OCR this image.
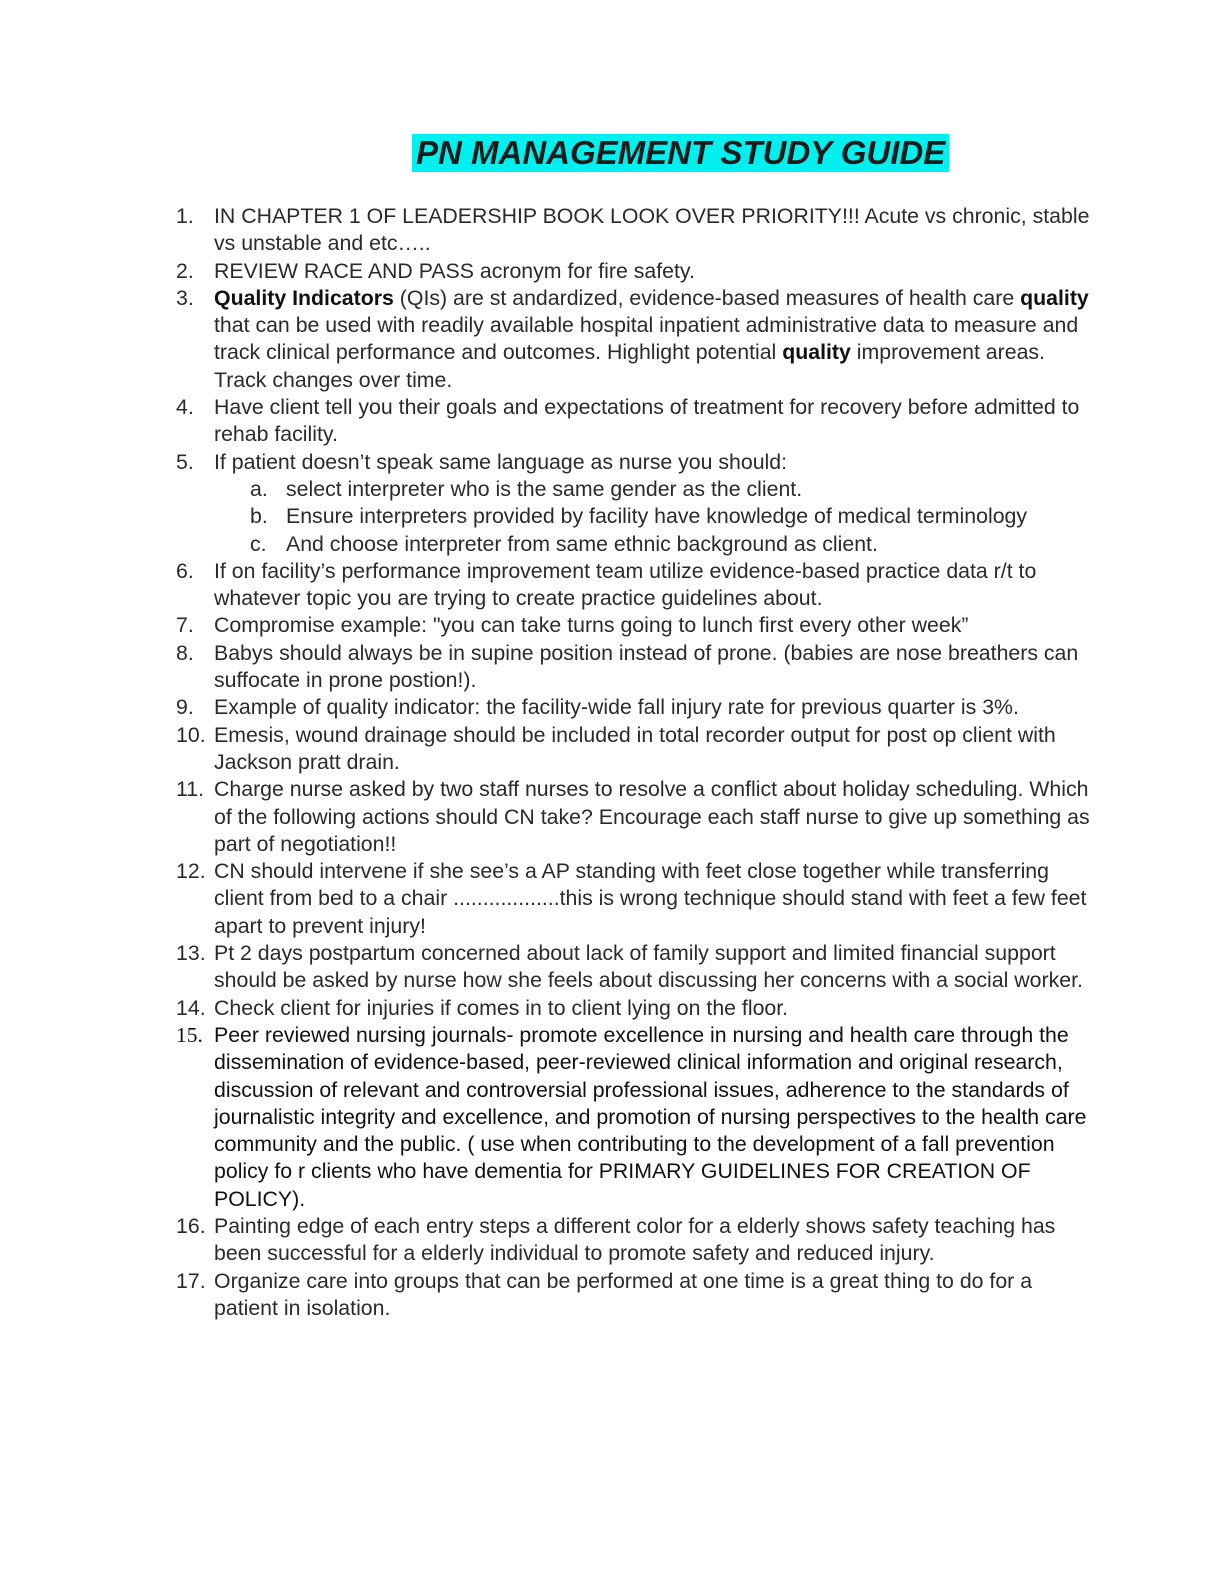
PN MANAGEMENT STUDY GUIDE
1. IN CHAPTER 1 OF LEADERSHIP BOOK LOOK OVER PRIORITY!!! Acute vs chronic, stable vs unstable and etc…..
2. REVIEW RACE AND PASS acronym for fire safety.
3. Quality Indicators (QIs) are st andardized, evidence-based measures of health care quality that can be used with readily available hospital inpatient administrative data to measure and track clinical performance and outcomes. Highlight potential quality improvement areas. Track changes over time.
4. Have client tell you their goals and expectations of treatment for recovery before admitted to rehab facility.
5. If patient doesn’t speak same language as nurse you should:
a. select interpreter who is the same gender as the client.
b. Ensure interpreters provided by facility have knowledge of medical terminology
c. And choose interpreter from same ethnic background as client.
6. If on facility’s performance improvement team utilize evidence-based practice data r/t to whatever topic you are trying to create practice guidelines about.
7. Compromise example: "you can take turns going to lunch first every other week”
8. Babys should always be in supine position instead of prone. (babies are nose breathers can suffocate in prone postion!).
9. Example of quality indicator: the facility-wide fall injury rate for previous quarter is 3%.
10. Emesis, wound drainage should be included in total recorder output for post op client with Jackson pratt drain.
11. Charge nurse asked by two staff nurses to resolve a conflict about holiday scheduling. Which of the following actions should CN take? Encourage each staff nurse to give up something as part of negotiation!!
12. CN should intervene if she see’s a AP standing with feet close together while transferring client from bed to a chair ..................this is wrong technique should stand with feet a few feet apart to prevent injury!
13. Pt 2 days postpartum concerned about lack of family support and limited financial support should be asked by nurse how she feels about discussing her concerns with a social worker.
14. Check client for injuries if comes in to client lying on the floor.
15. Peer reviewed nursing journals- promote excellence in nursing and health care through the dissemination of evidence-based, peer-reviewed clinical information and original research, discussion of relevant and controversial professional issues, adherence to the standards of journalistic integrity and excellence, and promotion of nursing perspectives to the health care community and the public. ( use when contributing to the development of a fall prevention policy fo r clients who have dementia for PRIMARY GUIDELINES FOR CREATION OF POLICY).
16. Painting edge of each entry steps a different color for a elderly shows safety teaching has been successful for a elderly individual to promote safety and reduced injury.
17. Organize care into groups that can be performed at one time is a great thing to do for a patient in isolation.
